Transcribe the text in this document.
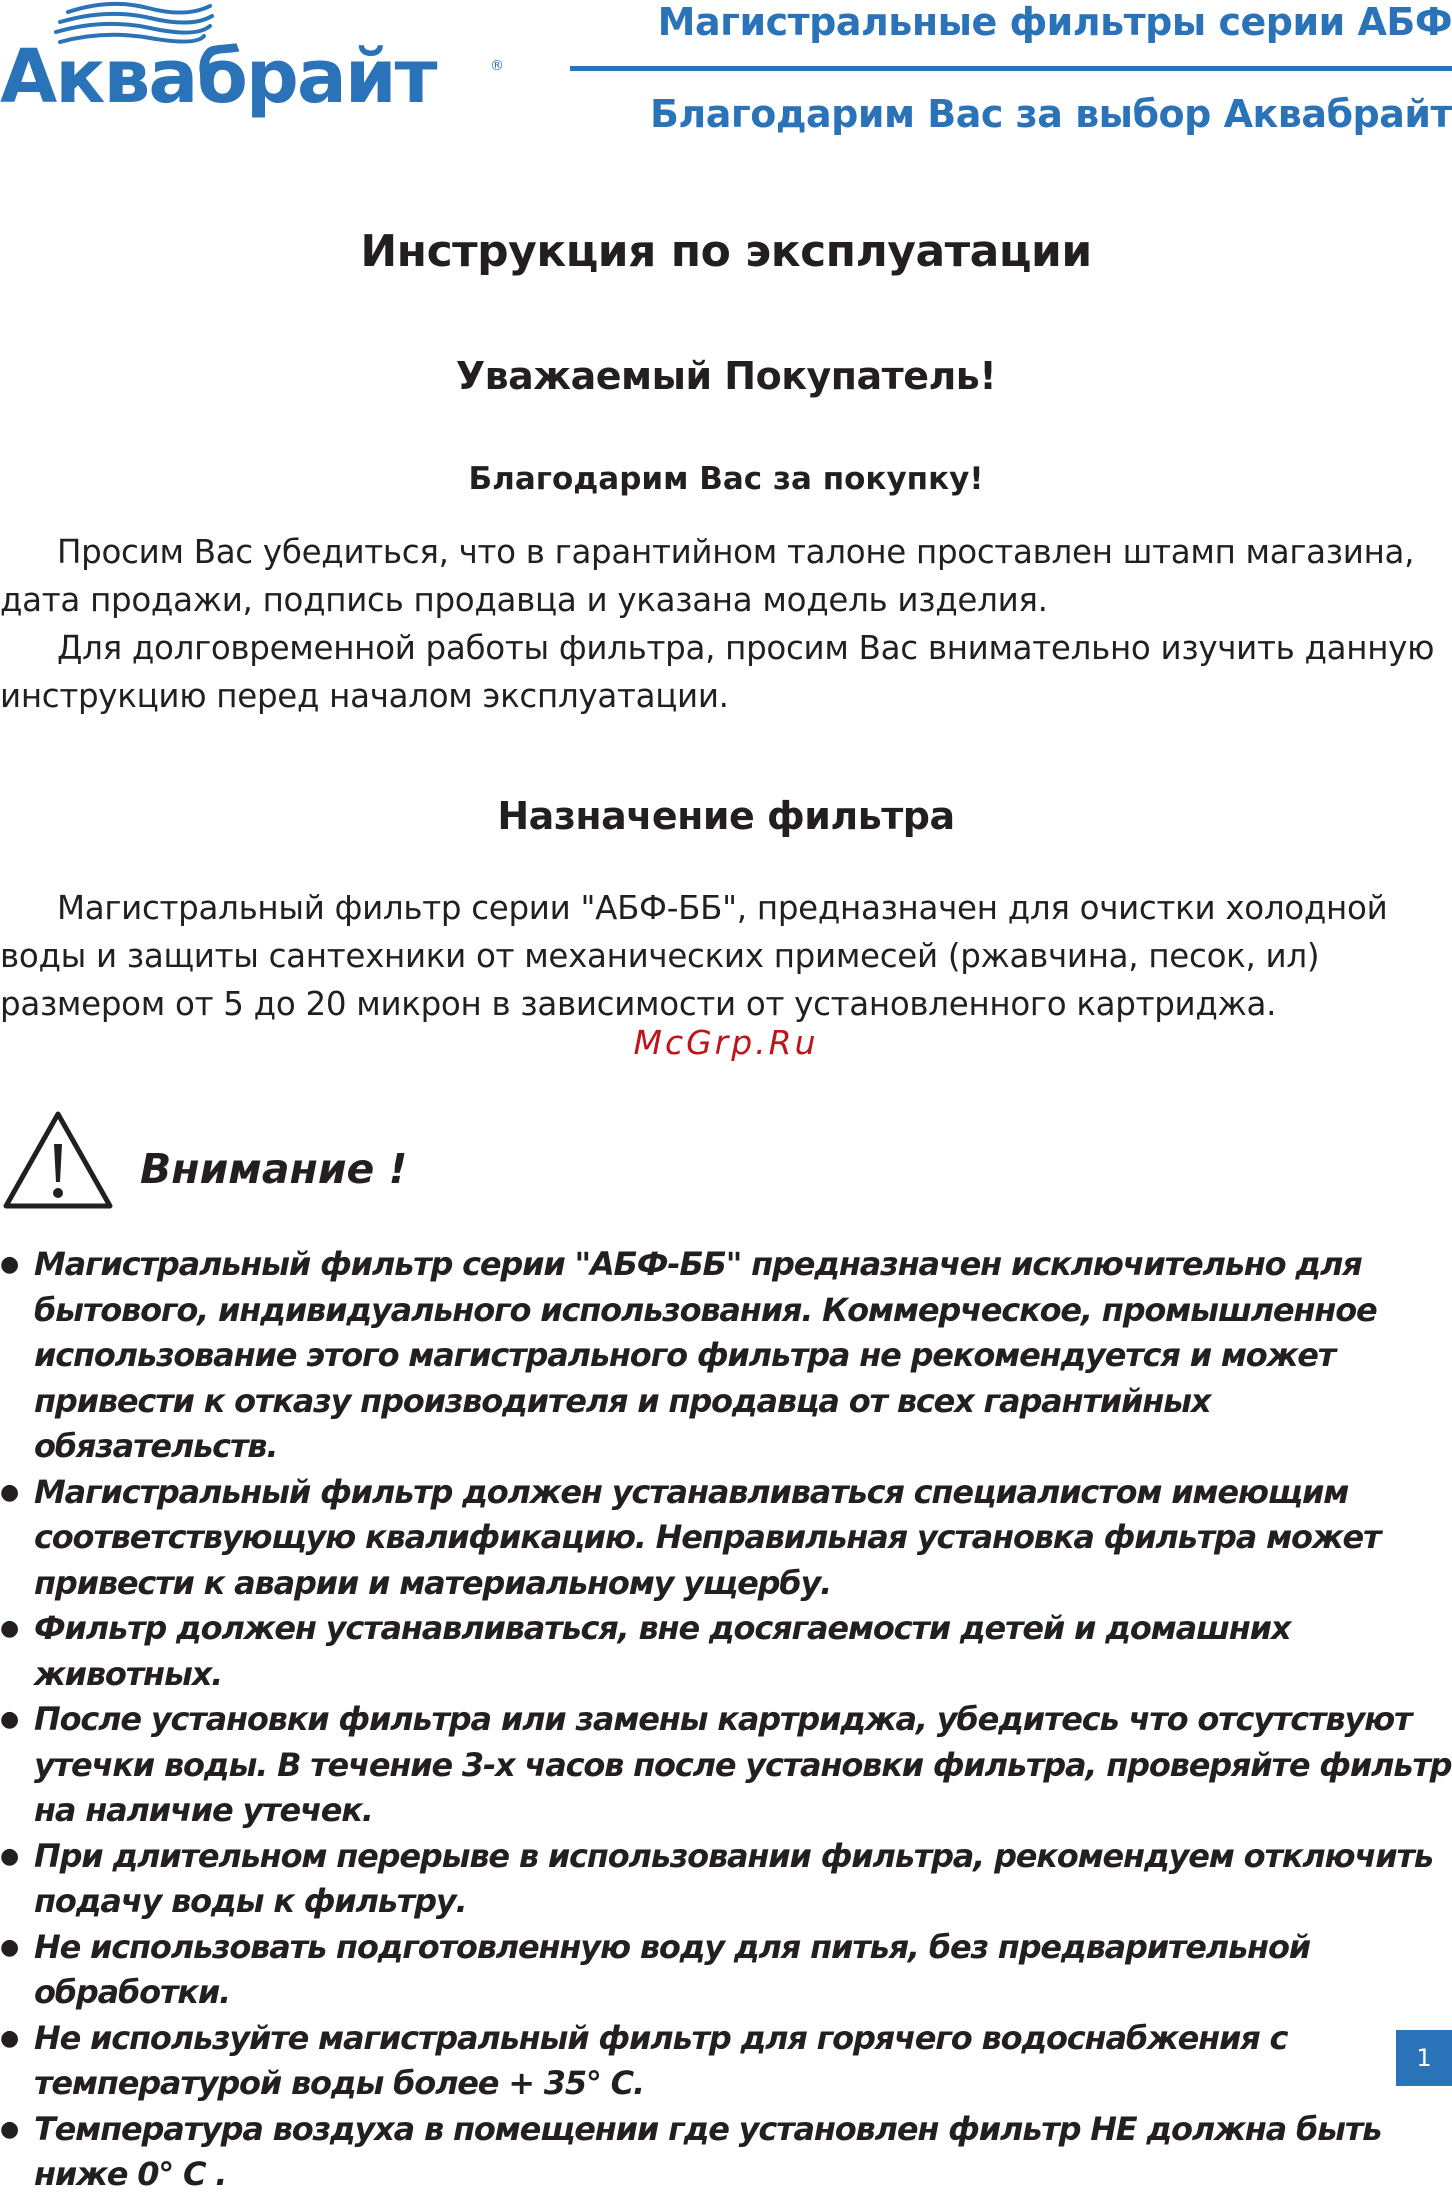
Аквабрайт	®
Магистральные фильтры серии АБФ
Благодарим Вас за выбор Аквабрайт
Инструкция по эксплуатации
Уважаемый Покупатель!
Благодарим Вас за покупку!

Просим Вас убедиться, что в гарантийном талоне проставлен штамп магазина, дата продажи, подпись продавца и указана модель изделия.

Для долговременной работы фильтра, просим Вас внимательно изучить данную инструкцию перед началом эксплуатации.

Назначение фильтра

Магистральный фильтр серии "АБФ-ББ", предназначен для очистки холодной воды и защиты сантехники от механических примесей (ржавчина, песок, ил) размером от 5 до 20 микрон в зависимости от установленного картриджа.

McGrp.Ru
Внимание !
● Магистральный фильтр серии "АБФ-ББ" предназначен исключительно для бытового, индивидуального использования. Коммерческое, промышленное использование этого магистрального фильтра не рекомендуется и может привести к отказу производителя и продавца от всех гарантийных обязательств.
● Магистральный фильтр должен устанавливаться специалистом имеющим соответствующую квалификацию. Неправильная установка фильтра может привести к аварии и материальному ущербу.
● Фильтр должен устанавливаться, вне досягаемости детей и домашних животных.
● После установки фильтра или замены картриджа, убедитесь что отсутствуют утечки воды. В течение 3-х часов после установки фильтра, проверяйте фильтр на наличие утечек.
● При длительном перерыве в использовании фильтра, рекомендуем отключить подачу воды к фильтру.
● Не использовать подготовленную воду для питья, без предварительной обработки.
● Не используйте магистральный фильтр для горячего водоснабжения с температурой воды более + 35° С.
● Температура воздуха в помещении где установлен фильтр НЕ должна быть ниже 0° С .
1
